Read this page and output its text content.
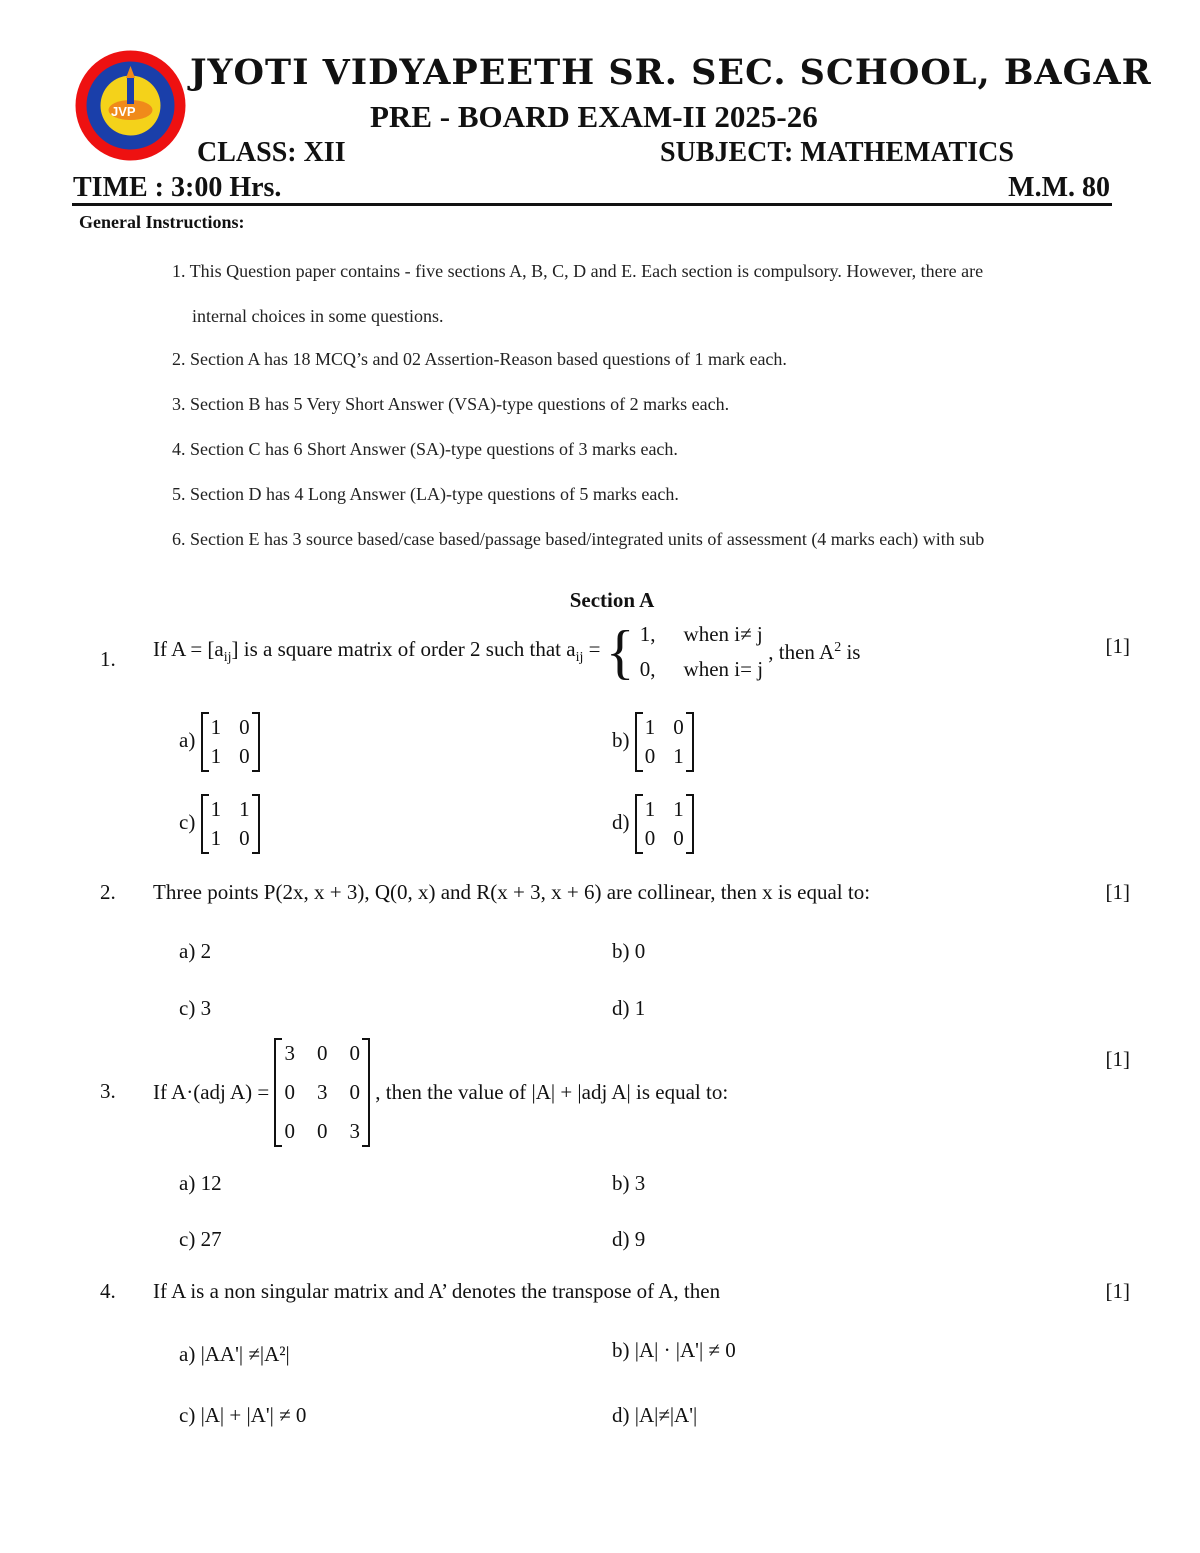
JVP
JYOTI VIDYAPEETH SR. SEC. SCHOOL, BAGAR
PRE - BOARD EXAM-II 2025-26
CLASS: XII	SUBJECT: MATHEMATICS
TIME : 3:00 Hrs.	M.M. 80
General Instructions:
1. This Question paper contains - five sections A, B, C, D and E. Each section is compulsory. However, there are
internal choices in some questions.
2. Section A has 18 MCQ’s and 02 Assertion-Reason based questions of 1 mark each.
3. Section B has 5 Very Short Answer (VSA)-type questions of 2 marks each.
4. Section C has 6 Short Answer (SA)-type questions of 3 marks each.
5. Section D has 4 Long Answer (LA)-type questions of 5 marks each.
6. Section E has 3 source based/case based/passage based/integrated units of assessment (4 marks each) with sub
Section A
1. If $A = [a_{ij}]$ is a square matrix of order 2 such that $a_{ij}$ = { 1, when i≠ j
0, when i= j
, then $A^2$ is	[1]
a)
1 0
1 0
b)
1 0
0 1
c)
1 1
1 0
d)
1 1
0 0
2. Three points P(2x, x + 3), Q(0, x) and R(x + 3, x + 6) are collinear, then x is equal to:	[1]
a) 2	b) 0
c) 3	d) 1
3. If A·(adj A) =
3 0 0
0 3 0
0 0 3
, then the value of |A| + |adj A| is equal to:
[1]
a) 12	b) 3
c) 27	d) 9
4. If A is a non singular matrix and A’ denotes the transpose of A, then	[1]
a) |AA'| ≠|A²|	b) |A| · |A'| ≠ 0
c) |A| + |A'| ≠ 0	d) |A|≠|A'|
